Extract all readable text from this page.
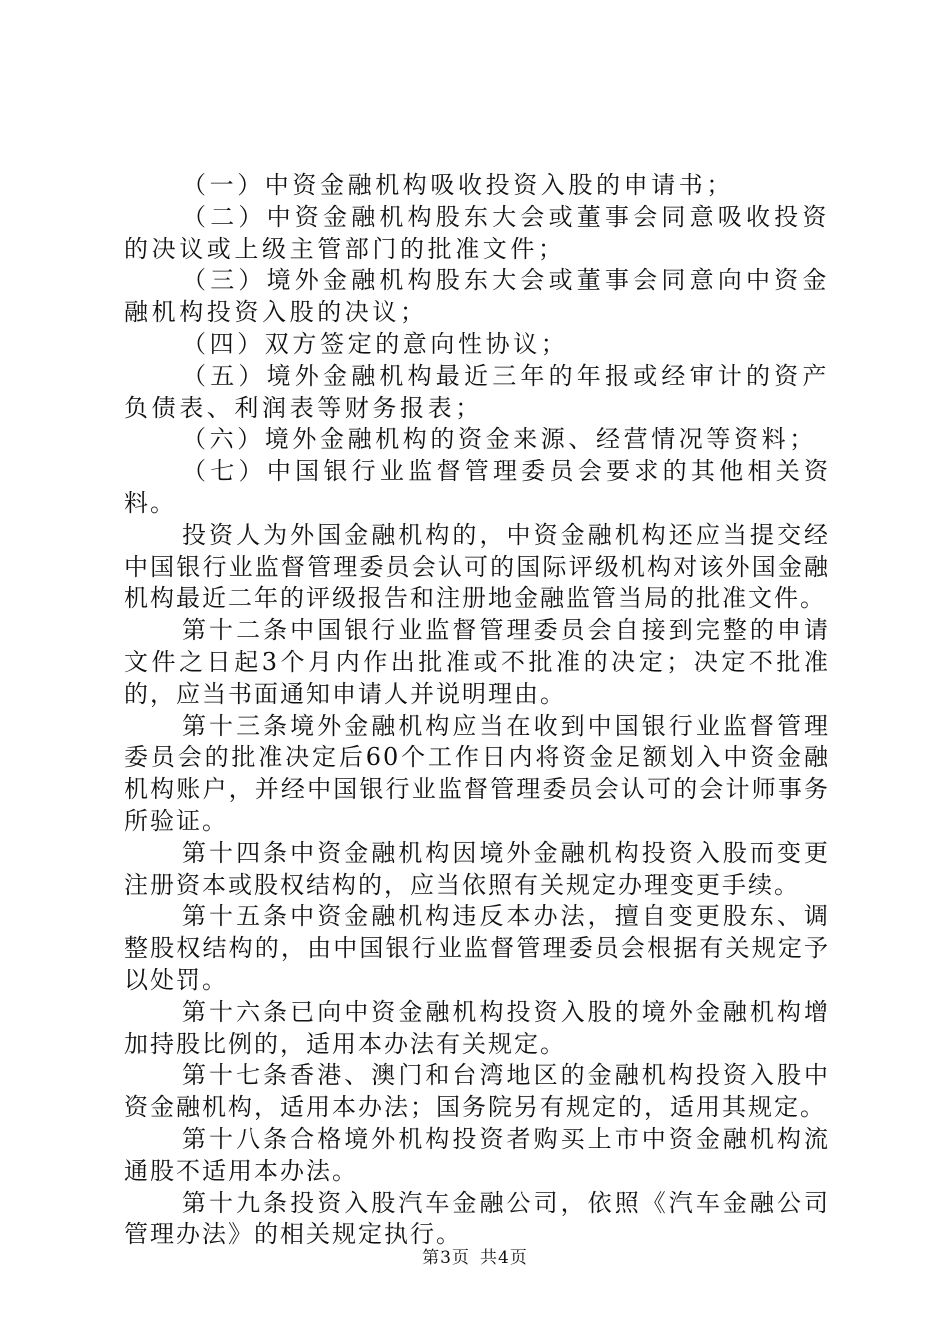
（一）中资金融机构吸收投资入股的申请书；

（二）中资金融机构股东大会或董事会同意吸收投资的决议或上级主管部门的批准文件；

（三）境外金融机构股东大会或董事会同意向中资金融机构投资入股的决议；

（四）双方签定的意向性协议；

（五）境外金融机构最近三年的年报或经审计的资产负债表、利润表等财务报表；

（六）境外金融机构的资金来源、经营情况等资料；

（七）中国银行业监督管理委员会要求的其他相关资料。

投资人为外国金融机构的，中资金融机构还应当提交经中国银行业监督管理委员会认可的国际评级机构对该外国金融机构最近二年的评级报告和注册地金融监管当局的批准文件。

第十二条中国银行业监督管理委员会自接到完整的申请文件之日起3个月内作出批准或不批准的决定；决定不批准的，应当书面通知申请人并说明理由。

第十三条境外金融机构应当在收到中国银行业监督管理委员会的批准决定后60个工作日内将资金足额划入中资金融机构账户，并经中国银行业监督管理委员会认可的会计师事务所验证。

第十四条中资金融机构因境外金融机构投资入股而变更注册资本或股权结构的，应当依照有关规定办理变更手续。

第十五条中资金融机构违反本办法，擅自变更股东、调整股权结构的，由中国银行业监督管理委员会根据有关规定予以处罚。

第十六条已向中资金融机构投资入股的境外金融机构增加持股比例的，适用本办法有关规定。

第十七条香港、澳门和台湾地区的金融机构投资入股中资金融机构，适用本办法；国务院另有规定的，适用其规定。

第十八条合格境外机构投资者购买上市中资金融机构流通股不适用本办法。

第十九条投资入股汽车金融公司，依照《汽车金融公司管理办法》的相关规定执行。

第3页 共4页
